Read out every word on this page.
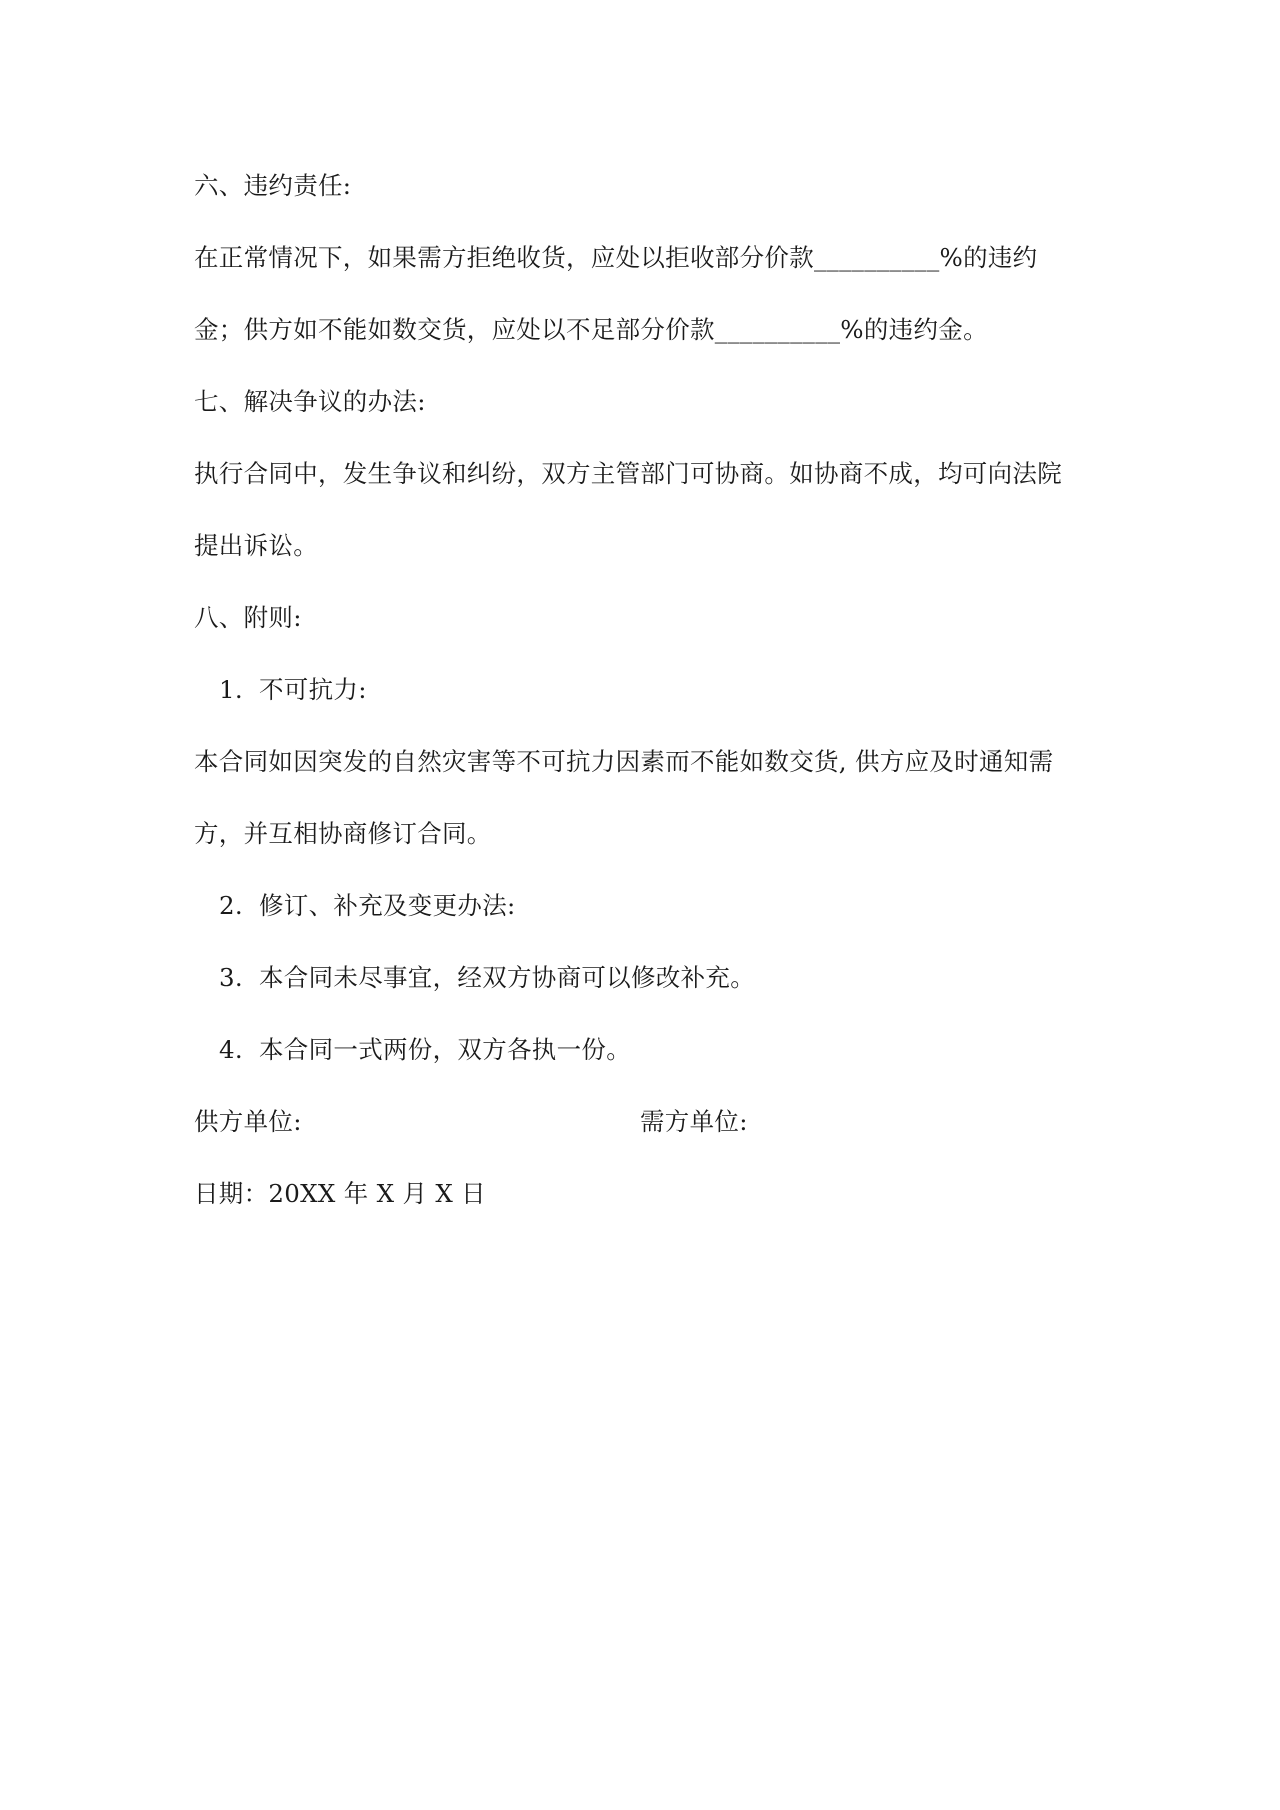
六、违约责任:
在正常情况下，如果需方拒绝收货，应处以拒收部分价款__________%的违约
金；供方如不能如数交货，应处以不足部分价款__________%的违约金。
七、解决争议的办法:
执行合同中，发生争议和纠纷，双方主管部门可协商。如协商不成，均可向法院
提出诉讼。
八、附则:
1. 不可抗力:
本合同如因突发的自然灾害等不可抗力因素而不能如数交货, 供方应及时通知需
方，并互相协商修订合同。
2. 修订、补充及变更办法:
3. 本合同未尽事宜，经双方协商可以修改补充。
4. 本合同一式两份，双方各执一份。
供方单位:	需方单位:
日期：20XX 年 X 月 X 日
